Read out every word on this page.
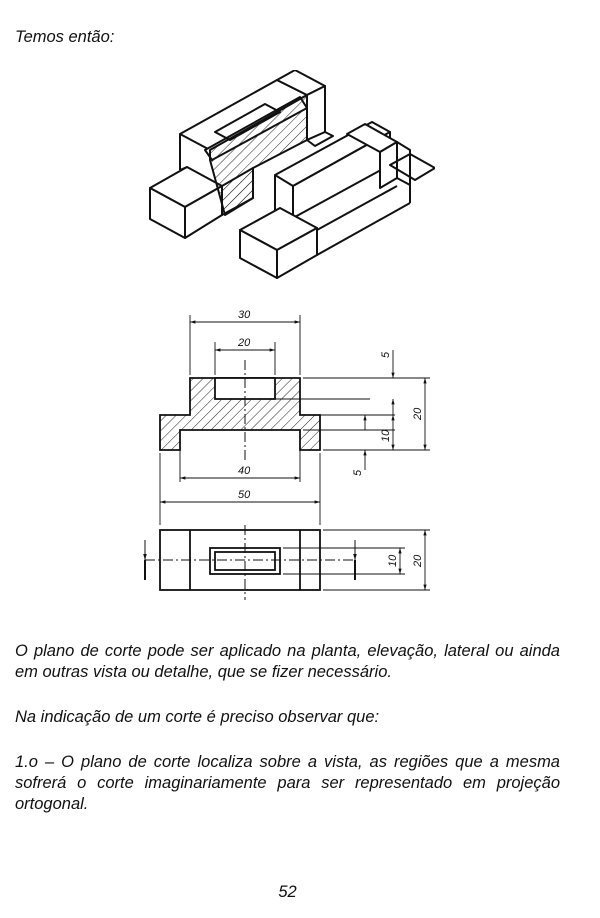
Temos então:

30
20
40
50
5
10
20
5
10 20

O plano de corte pode ser aplicado na planta, elevação, lateral ou ainda em outras vista ou detalhe, que se fizer necessário.

Na indicação de um corte é preciso observar que:

1.o – O plano de corte localiza sobre a vista, as regiões que a mesma sofrerá o corte imaginariamente para ser representado em projeção ortogonal.

52
